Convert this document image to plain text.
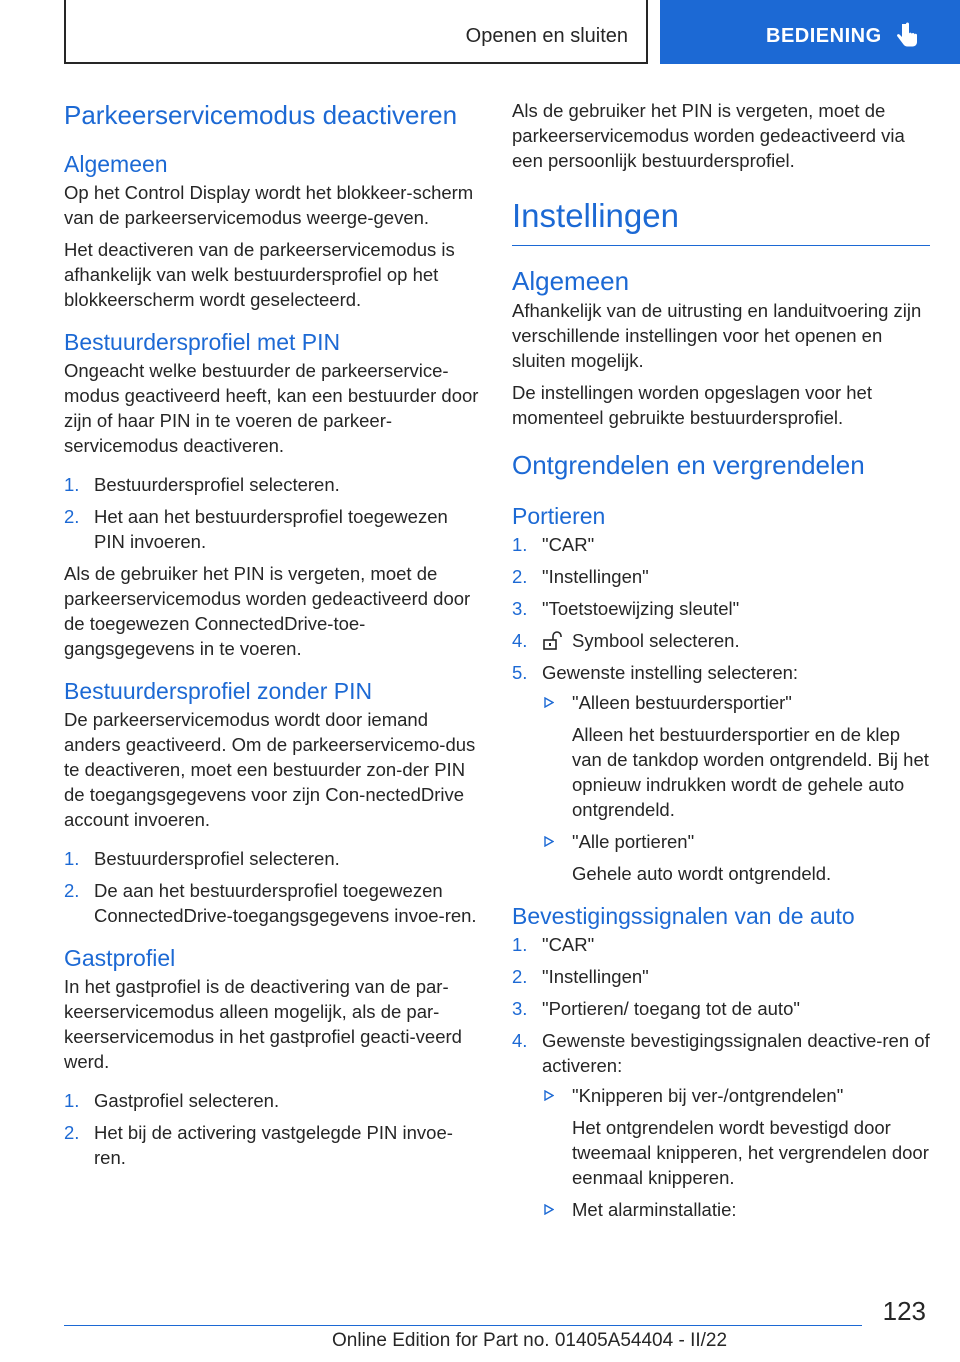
Openen en sluiten	BEDIENING
Parkeerservicemodus deactiveren
Algemeen

Op het Control Display wordt het blokkeer-scherm van de parkeerservicemodus weerge-geven.

Het deactiveren van de parkeerservicemodus is afhankelijk van welk bestuurdersprofiel op het blokkeerscherm wordt geselecteerd.

Bestuurdersprofiel met PIN

Ongeacht welke bestuurder de parkeerservice-modus geactiveerd heeft, kan een bestuurder door zijn of haar PIN in te voeren de parkeer-servicemodus deactiveren.

1. Bestuurdersprofiel selecteren.
2. Het aan het bestuurdersprofiel toegewezen PIN invoeren.

Als de gebruiker het PIN is vergeten, moet de parkeerservicemodus worden gedeactiveerd door de toegewezen ConnectedDrive-toe-gangsgegevens in te voeren.

Bestuurdersprofiel zonder PIN

De parkeerservicemodus wordt door iemand anders geactiveerd. Om de parkeerservicemo-dus te deactiveren, moet een bestuurder zon-der PIN de toegangsgegevens voor zijn Con-nectedDrive account invoeren.

1. Bestuurdersprofiel selecteren.
2. De aan het bestuurdersprofiel toegewezen ConnectedDrive-toegangsgegevens invoe-ren.
Gastprofiel

In het gastprofiel is de deactivering van de par-keerservicemodus alleen mogelijk, als de par-keerservicemodus in het gastprofiel geacti-veerd werd.

1. Gastprofiel selecteren.
2. Het bij de activering vastgelegde PIN invoe-ren.

Als de gebruiker het PIN is vergeten, moet de parkeerservicemodus worden gedeactiveerd via een persoonlijk bestuurdersprofiel.

Instellingen
Algemeen

Afhankelijk van de uitrusting en landuitvoering zijn verschillende instellingen voor het openen en sluiten mogelijk.

De instellingen worden opgeslagen voor het momenteel gebruikte bestuurdersprofiel.

Ontgrendelen en vergrendelen
Portieren
1. "CAR"
2. "Instellingen"
3. "Toetstoewijzing sleutel"
4. Symbool selecteren.
5. Gewenste instelling selecteren:
"Alleen bestuurdersportier"
Alleen het bestuurdersportier en de klep van de tankdop worden ontgrendeld. Bij het opnieuw indrukken wordt de gehele auto ontgrendeld.
"Alle portieren"
Gehele auto wordt ontgrendeld.
Bevestigingssignalen van de auto
1. "CAR"
2. "Instellingen"
3. "Portieren/ toegang tot de auto"
4. Gewenste bevestigingssignalen deactive-ren of activeren:
"Knipperen bij ver-/ontgrendelen"
Het ontgrendelen wordt bevestigd door tweemaal knipperen, het vergrendelen door eenmaal knipperen.
Met alarminstallatie:
123
Online Edition for Part no. 01405A54404 - II/22
